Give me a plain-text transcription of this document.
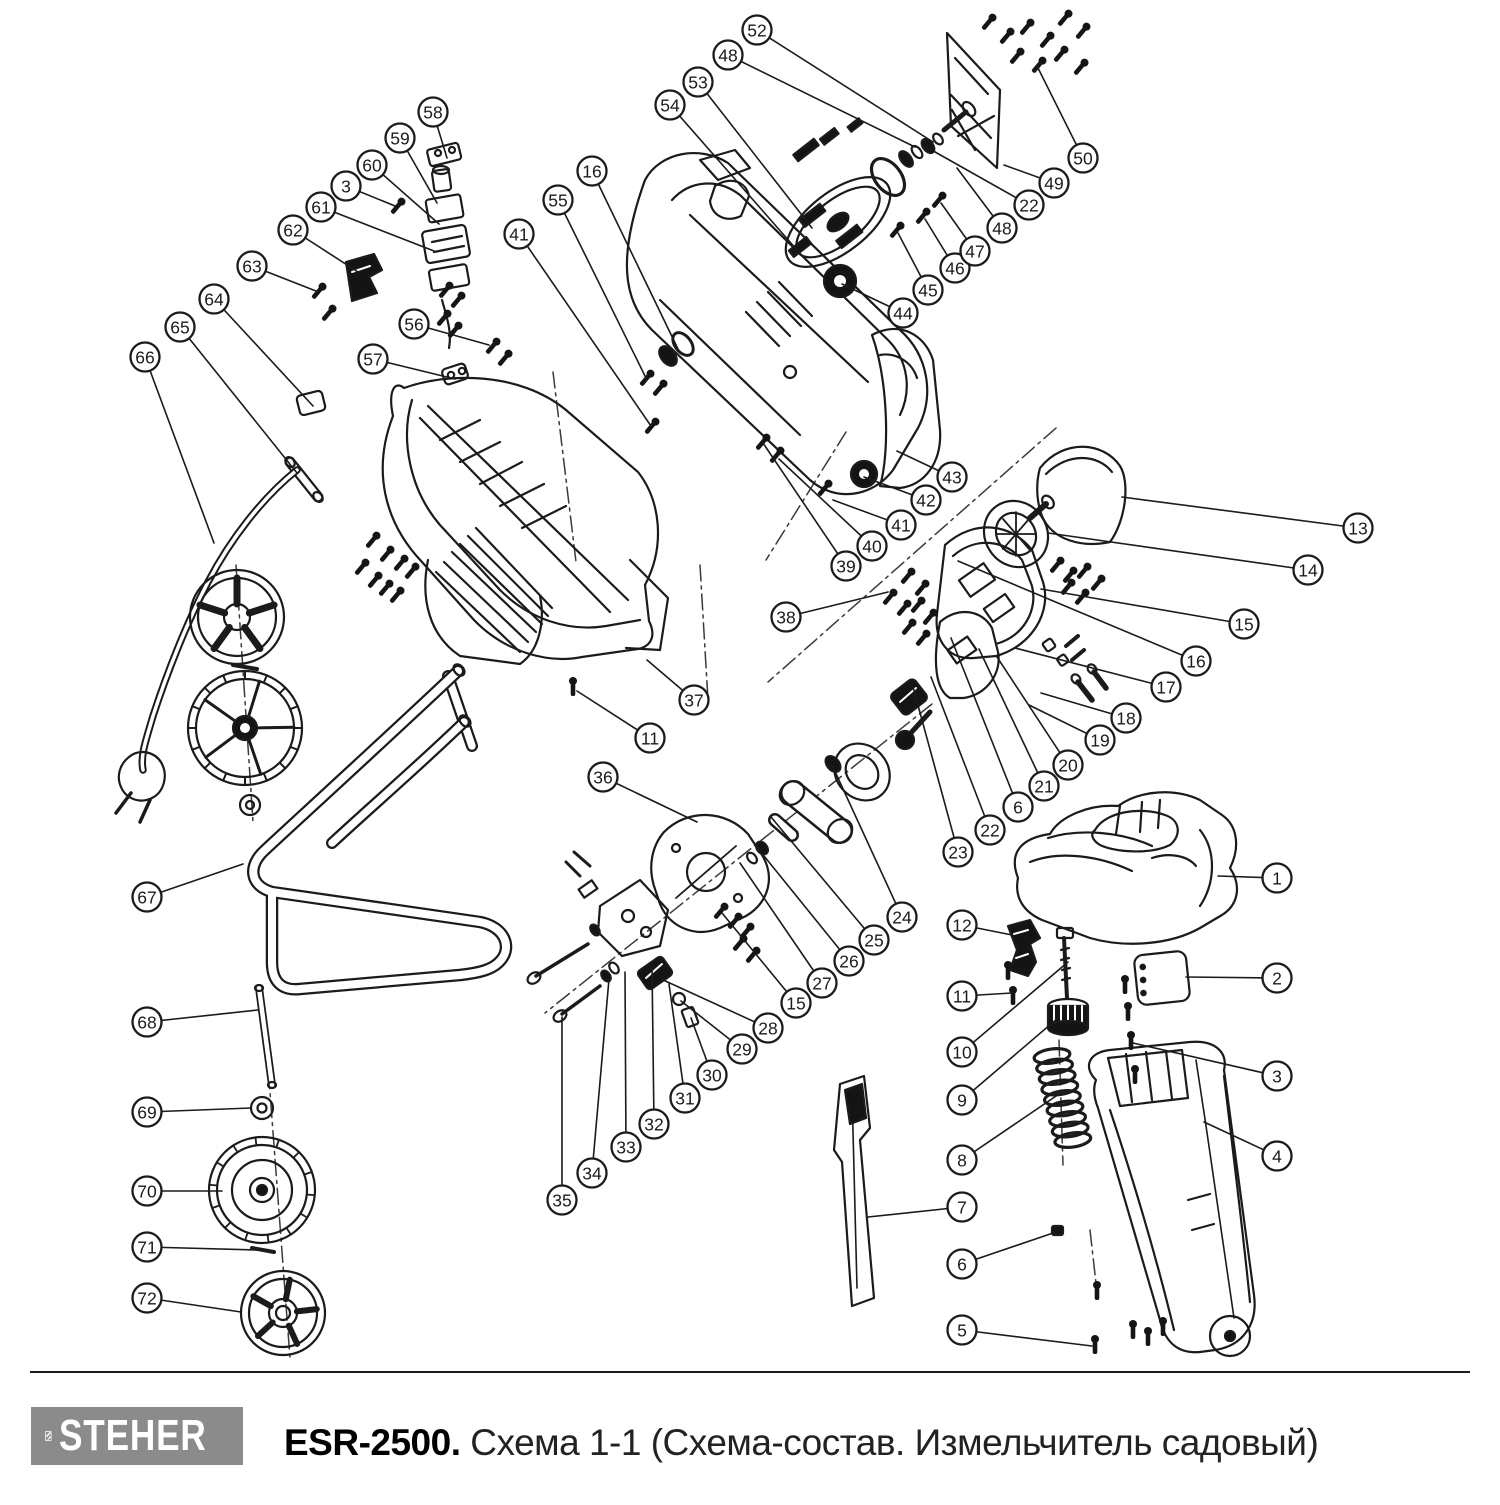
1
2
3
4
5
6
7
8
9
10
11
12
13
14
15
16
17
18
19
20
21
6
22
23
24
25
26
27
15
28
29
30
31
32
33
34
35
36
37
11
38
39
40
41
42
43
44
45
46
47
48
22
49
50
52
48
53
54
16
55
41
58
59
60
3
61
62
63
64
65
66
56
57
67
68
69
70
71
72
STEHER ESR-2500. Схема 1-1 (Схема-состав. Измельчитель садовый)
